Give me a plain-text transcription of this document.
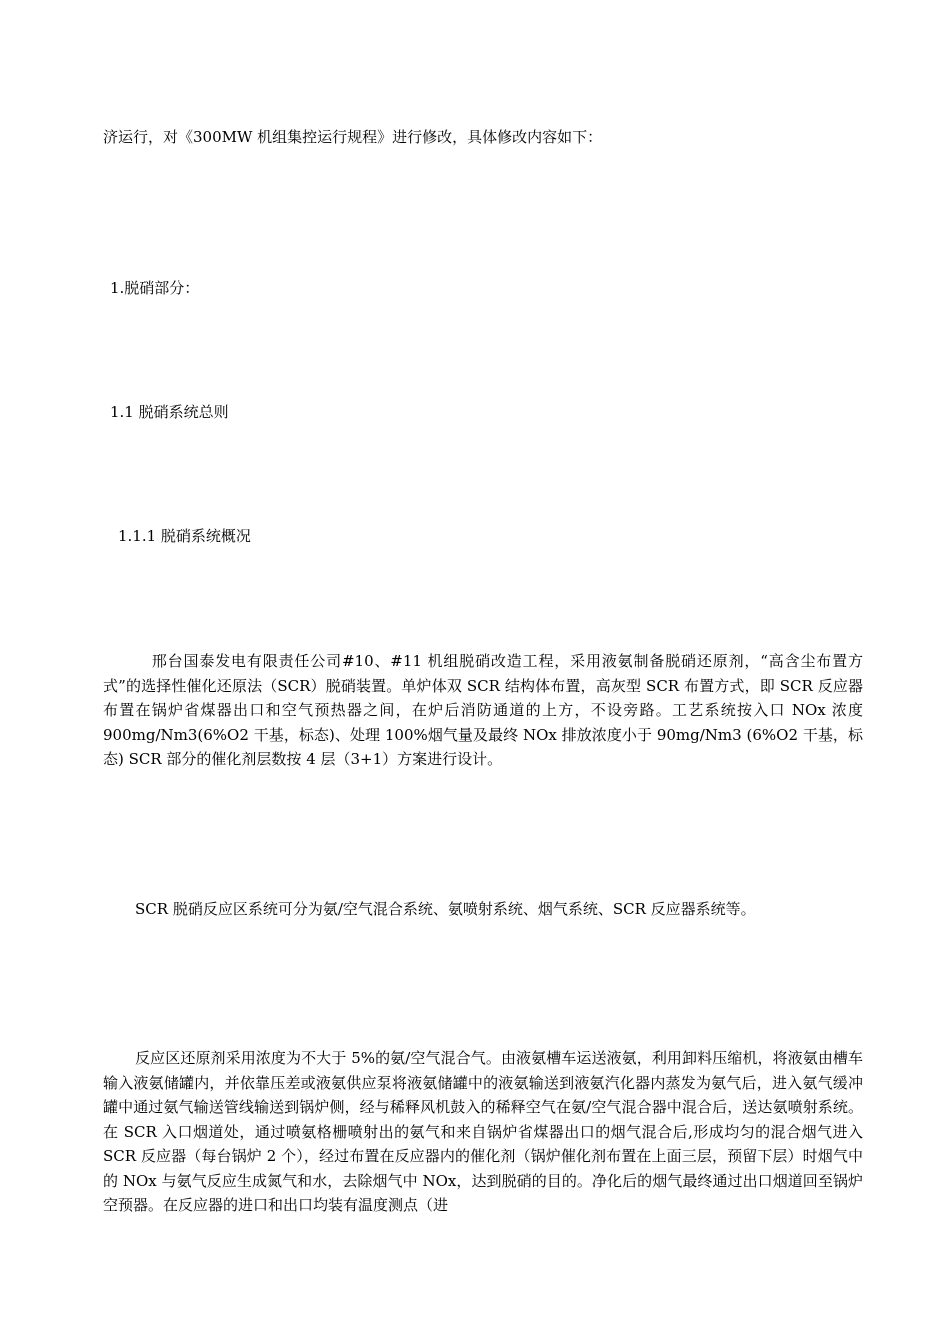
济运行，对《300MW 机组集控运行规程》进行修改，具体修改内容如下：
1.脱硝部分：
1.1 脱硝系统总则
1.1.1 脱硝系统概况
邢台国泰发电有限责任公司#10、#11 机组脱硝改造工程，采用液氨制备脱硝还原剂，“高含尘布置方式”的选择性催化还原法（SCR）脱硝装置。单炉体双 SCR 结构体布置，高灰型 SCR 布置方式，即 SCR 反应器布置在锅炉省煤器出口和空气预热器之间，在炉后消防通道的上方，不设旁路。工艺系统按入口 NOx 浓度 900mg/Nm3(6%O2 干基，标态)、处理 100%烟气量及最终 NOx 排放浓度小于 90mg/Nm3 (6%O2 干基，标态) SCR 部分的催化剂层数按 4 层（3+1）方案进行设计。
SCR 脱硝反应区系统可分为氨/空气混合系统、氨喷射系统、烟气系统、SCR 反应器系统等。
反应区还原剂采用浓度为不大于 5%的氨/空气混合气。由液氨槽车运送液氨，利用卸料压缩机，将液氨由槽车输入液氨储罐内，并依靠压差或液氨供应泵将液氨储罐中的液氨输送到液氨汽化器内蒸发为氨气后，进入氨气缓冲罐中通过氨气输送管线输送到锅炉侧，经与稀释风机鼓入的稀释空气在氨/空气混合器中混合后，送达氨喷射系统。在 SCR 入口烟道处，通过喷氨格栅喷射出的氨气和来自锅炉省煤器出口的烟气混合后,形成均匀的混合烟气进入 SCR 反应器（每台锅炉 2 个），经过布置在反应器内的催化剂（锅炉催化剂布置在上面三层，预留下层）时烟气中的 NOx 与氨气反应生成氮气和水，去除烟气中 NOx，达到脱硝的目的。净化后的烟气最终通过出口烟道回至锅炉空预器。在反应器的进口和出口均装有温度测点（进
